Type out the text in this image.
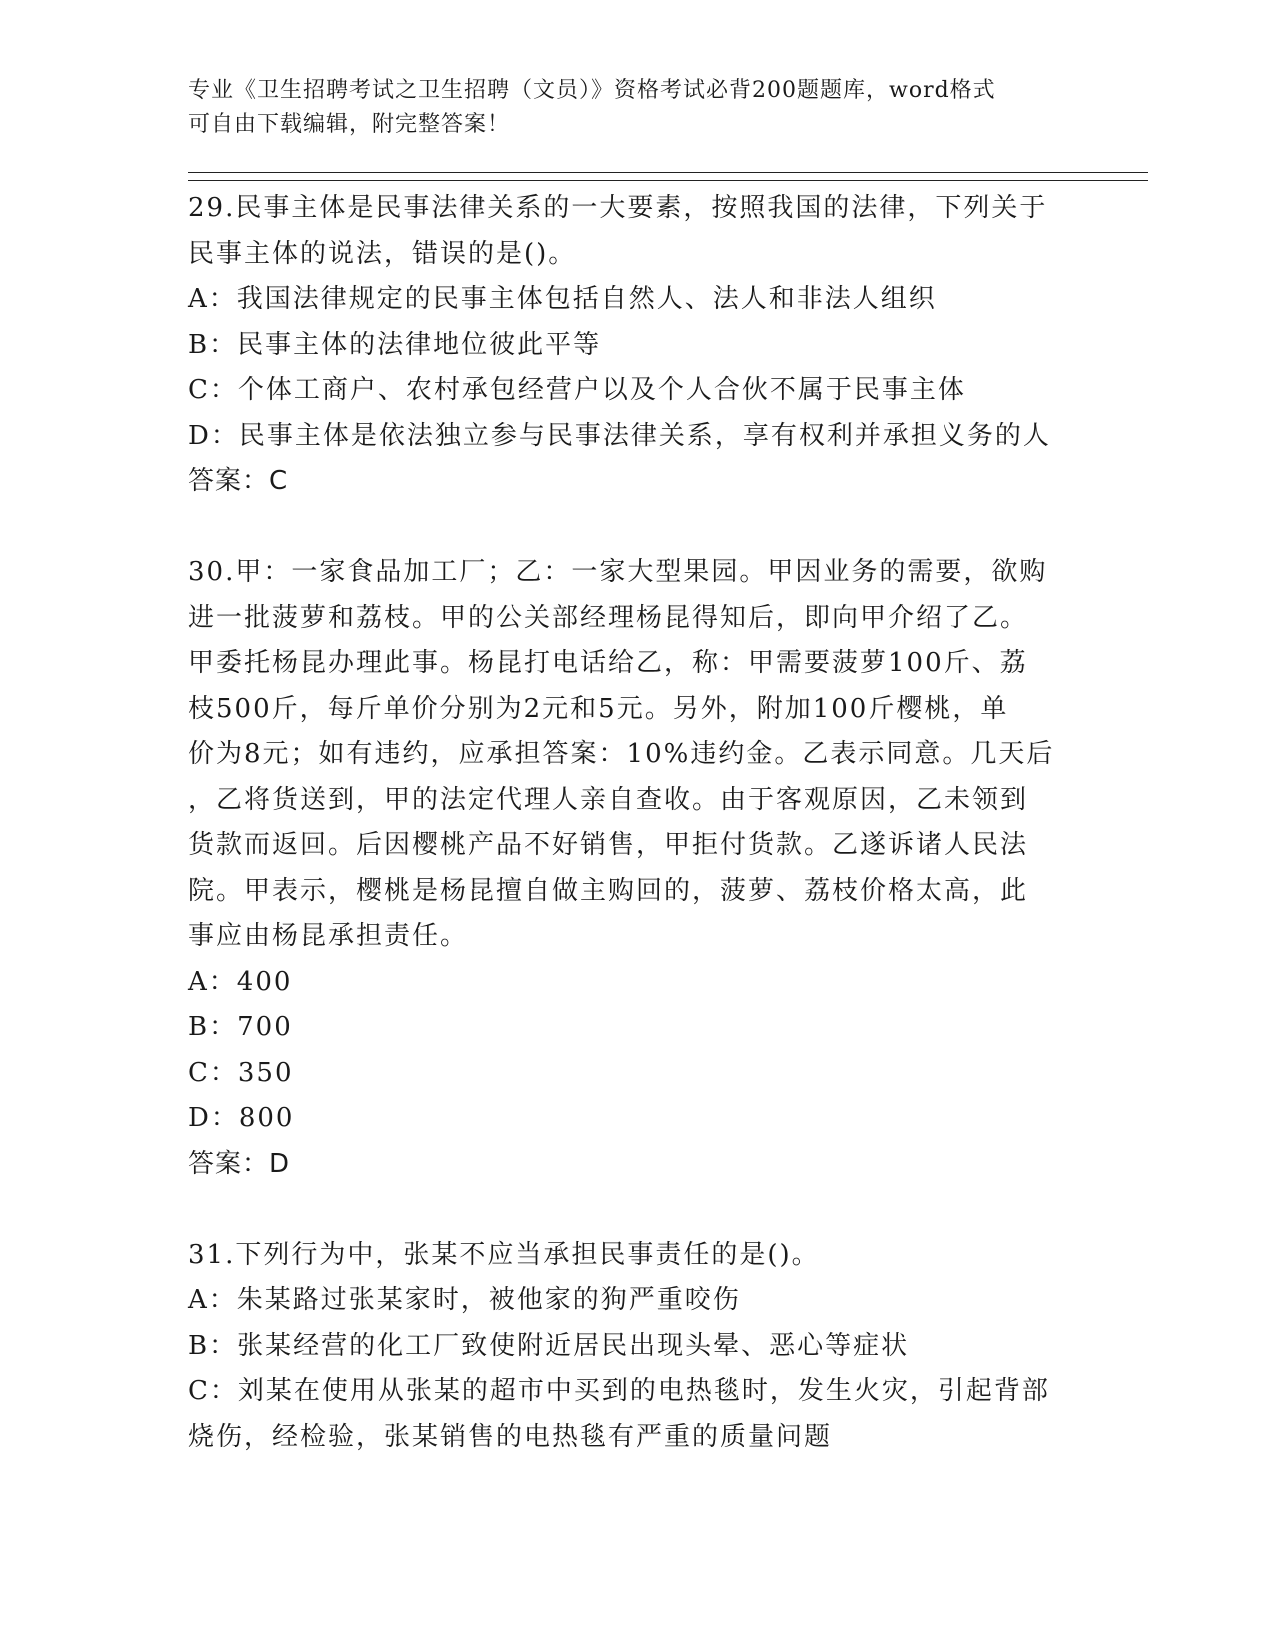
专业《卫生招聘考试之卫生招聘（文员）》资格考试必背200题题库，word格式
可自由下载编辑，附完整答案！
29.民事主体是民事法律关系的一大要素，按照我国的法律，下列关于
民事主体的说法，错误的是()。
A：我国法律规定的民事主体包括自然人、法人和非法人组织
B：民事主体的法律地位彼此平等
C：个体工商户、农村承包经营户以及个人合伙不属于民事主体
D：民事主体是依法独立参与民事法律关系，享有权利并承担义务的人
答案：C
30.甲：一家食品加工厂；乙：一家大型果园。甲因业务的需要，欲购
进一批菠萝和荔枝。甲的公关部经理杨昆得知后，即向甲介绍了乙。
甲委托杨昆办理此事。杨昆打电话给乙，称：甲需要菠萝100斤、荔
枝500斤，每斤单价分别为2元和5元。另外，附加100斤樱桃，单
价为8元；如有违约，应承担答案：10%违约金。乙表示同意。几天后
，乙将货送到，甲的法定代理人亲自查收。由于客观原因，乙未领到
货款而返回。后因樱桃产品不好销售，甲拒付货款。乙遂诉诸人民法
院。甲表示，樱桃是杨昆擅自做主购回的，菠萝、荔枝价格太高，此
事应由杨昆承担责任。
A：400
B：700
C：350
D：800
答案：D
31.下列行为中，张某不应当承担民事责任的是()。
A：朱某路过张某家时，被他家的狗严重咬伤
B：张某经营的化工厂致使附近居民出现头晕、恶心等症状
C：刘某在使用从张某的超市中买到的电热毯时，发生火灾，引起背部
烧伤，经检验，张某销售的电热毯有严重的质量问题
